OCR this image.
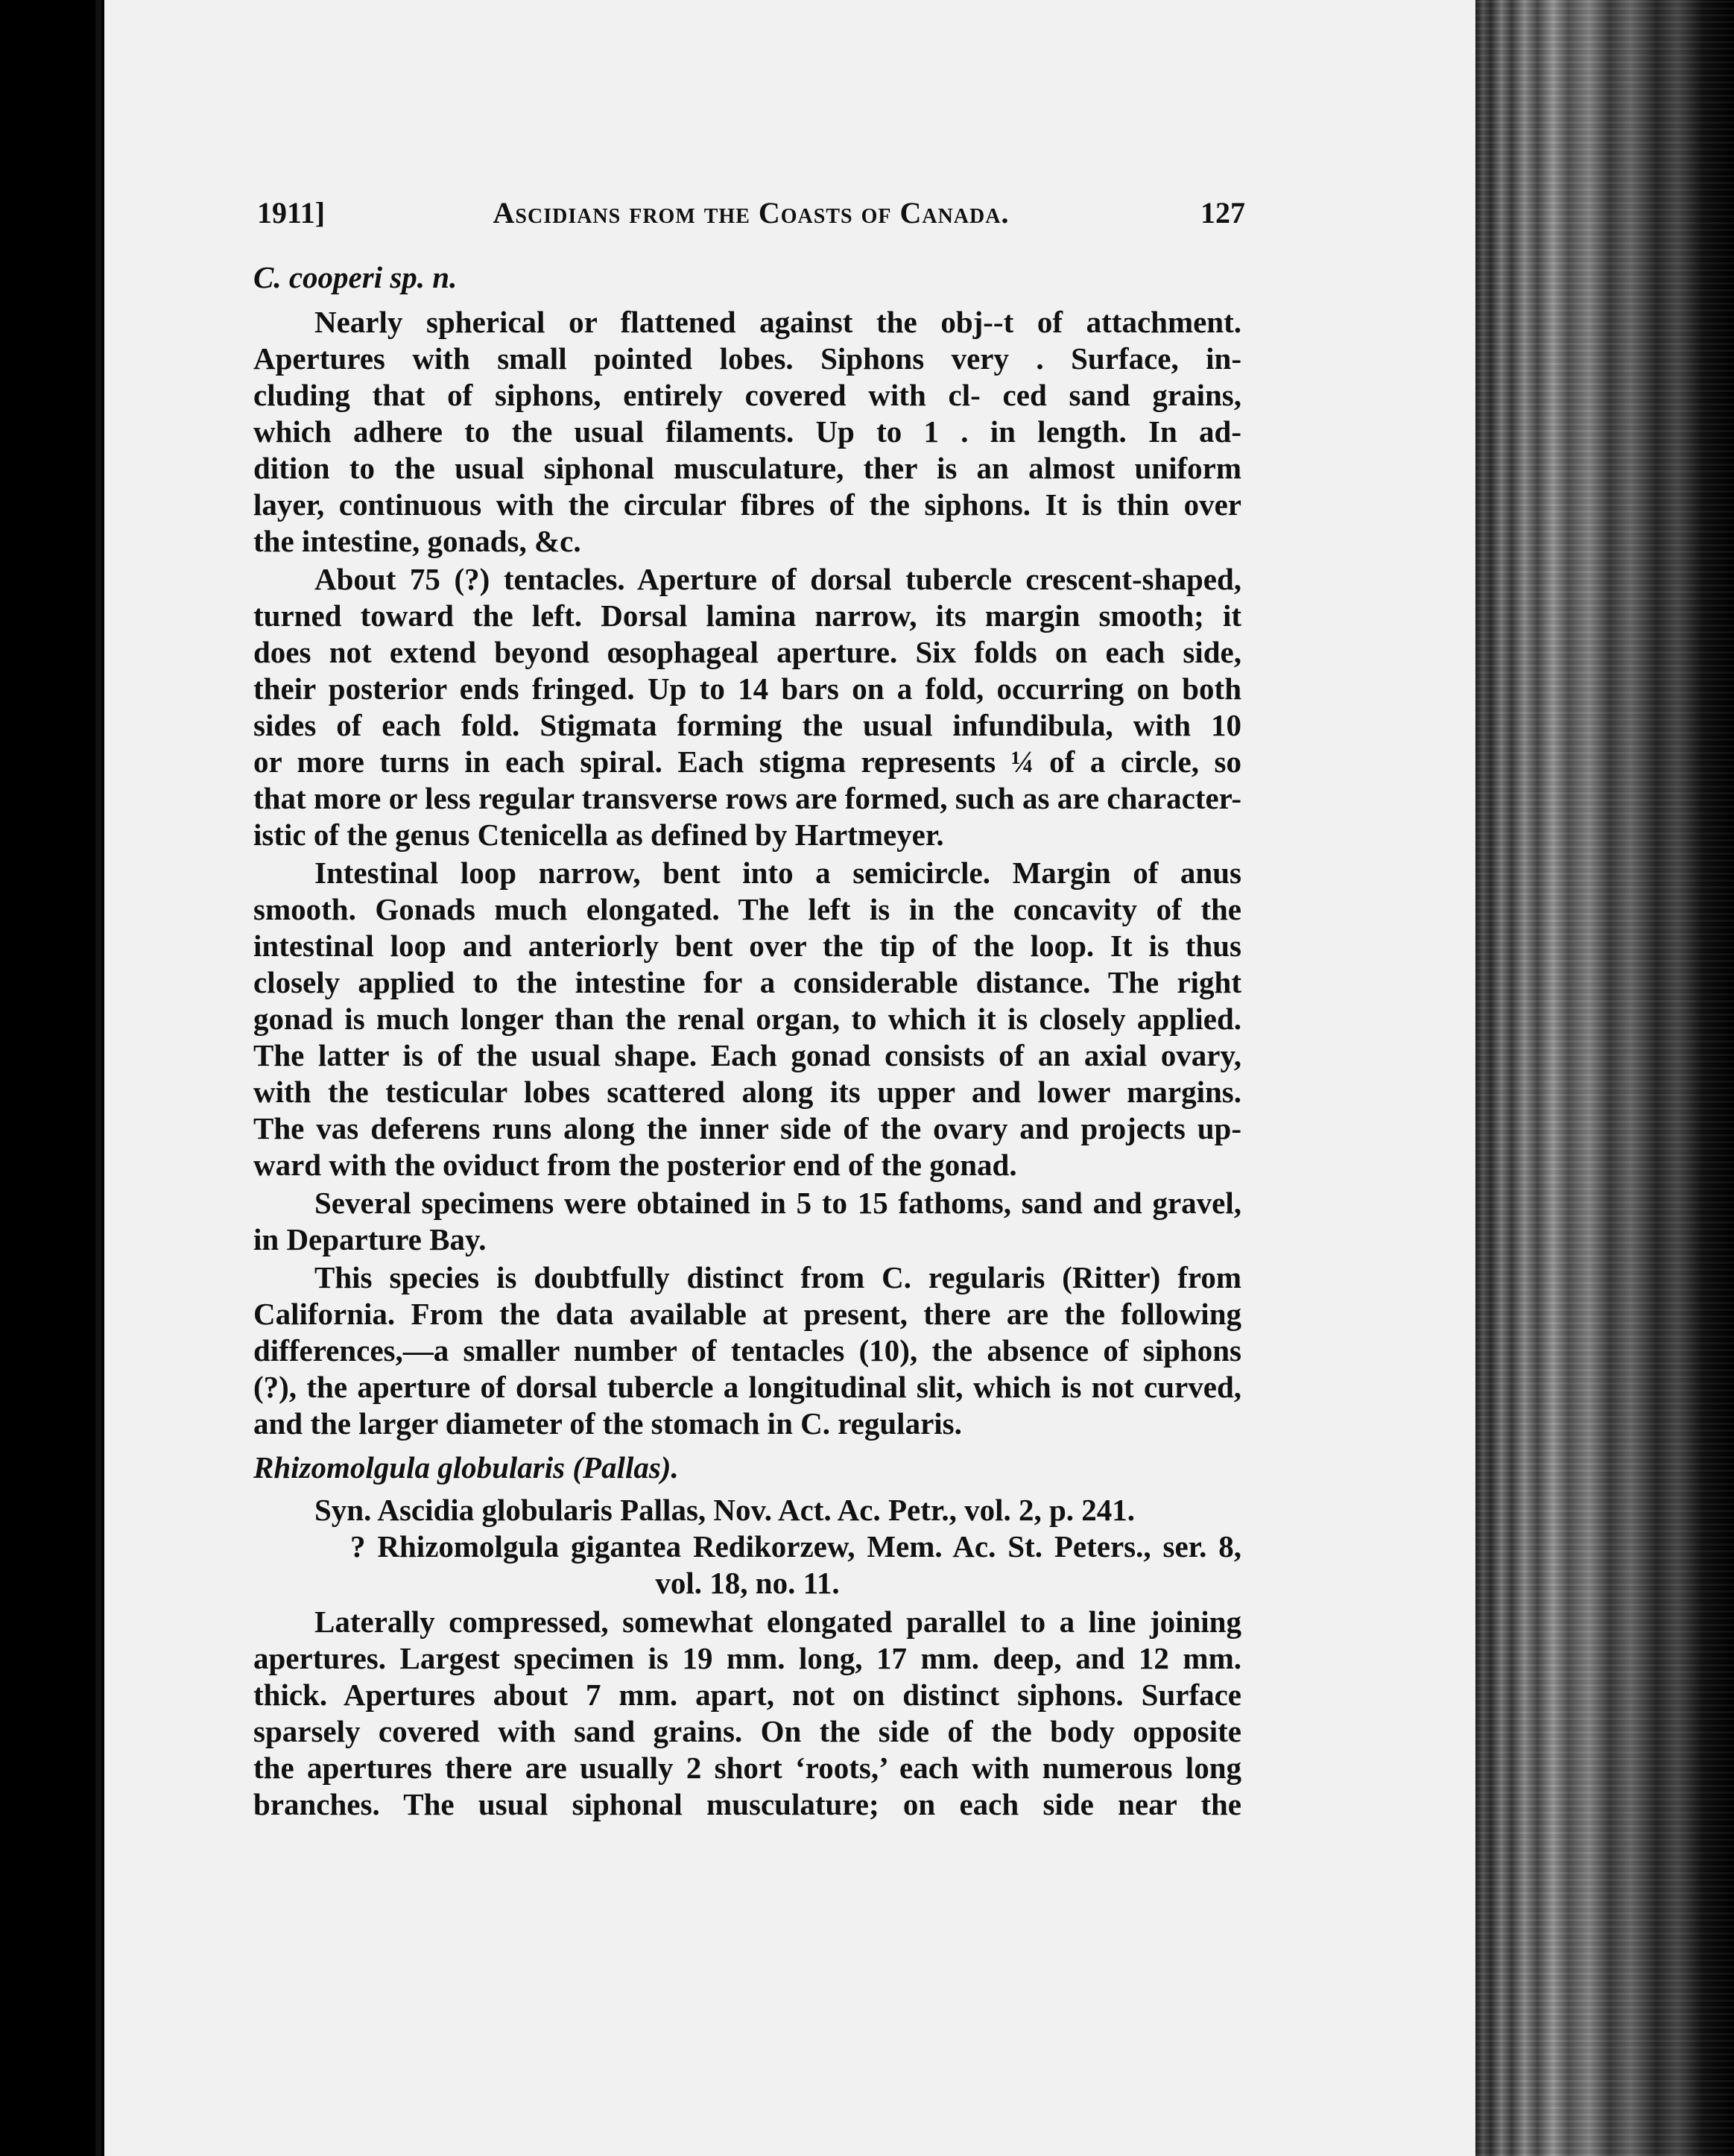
1911]	Ascidians from the Coasts of Canada.	127
C. cooperi sp. n.
Nearly spherical or flattened against the obj--t of attachment.
Apertures with small pointed lobes. Siphons very . Surface, in-
cluding that of siphons, entirely covered with cl- ced sand grains,
which adhere to the usual filaments. Up to 1 . in length. In ad-
dition to the usual siphonal musculature, ther is an almost uniform
layer, continuous with the circular fibres of the siphons. It is thin over
the intestine, gonads, &c.
About 75 (?) tentacles. Aperture of dorsal tubercle crescent-shaped,
turned toward the left. Dorsal lamina narrow, its margin smooth; it
does not extend beyond œsophageal aperture. Six folds on each side,
their posterior ends fringed. Up to 14 bars on a fold, occurring on both
sides of each fold. Stigmata forming the usual infundibula, with 10
or more turns in each spiral. Each stigma represents ¼ of a circle, so
that more or less regular transverse rows are formed, such as are character-
istic of the genus Ctenicella as defined by Hartmeyer.
Intestinal loop narrow, bent into a semicircle. Margin of anus
smooth. Gonads much elongated. The left is in the concavity of the
intestinal loop and anteriorly bent over the tip of the loop. It is thus
closely applied to the intestine for a considerable distance. The right
gonad is much longer than the renal organ, to which it is closely applied.
The latter is of the usual shape. Each gonad consists of an axial ovary,
with the testicular lobes scattered along its upper and lower margins.
The vas deferens runs along the inner side of the ovary and projects up-
ward with the oviduct from the posterior end of the gonad.
Several specimens were obtained in 5 to 15 fathoms, sand and gravel,
in Departure Bay.
This species is doubtfully distinct from C. regularis (Ritter) from
California. From the data available at present, there are the following
differences,—a smaller number of tentacles (10), the absence of siphons
(?), the aperture of dorsal tubercle a longitudinal slit, which is not curved,
and the larger diameter of the stomach in C. regularis.
Rhizomolgula globularis (Pallas).
Syn. Ascidia globularis Pallas, Nov. Act. Ac. Petr., vol. 2, p. 241.
? Rhizomolgula gigantea Redikorzew, Mem. Ac. St. Peters., ser. 8,
vol. 18, no. 11.
Laterally compressed, somewhat elongated parallel to a line joining
apertures. Largest specimen is 19 mm. long, 17 mm. deep, and 12 mm.
thick. Apertures about 7 mm. apart, not on distinct siphons. Surface
sparsely covered with sand grains. On the side of the body opposite
the apertures there are usually 2 short ‘roots,’ each with numerous long
branches. The usual siphonal musculature; on each side near the
